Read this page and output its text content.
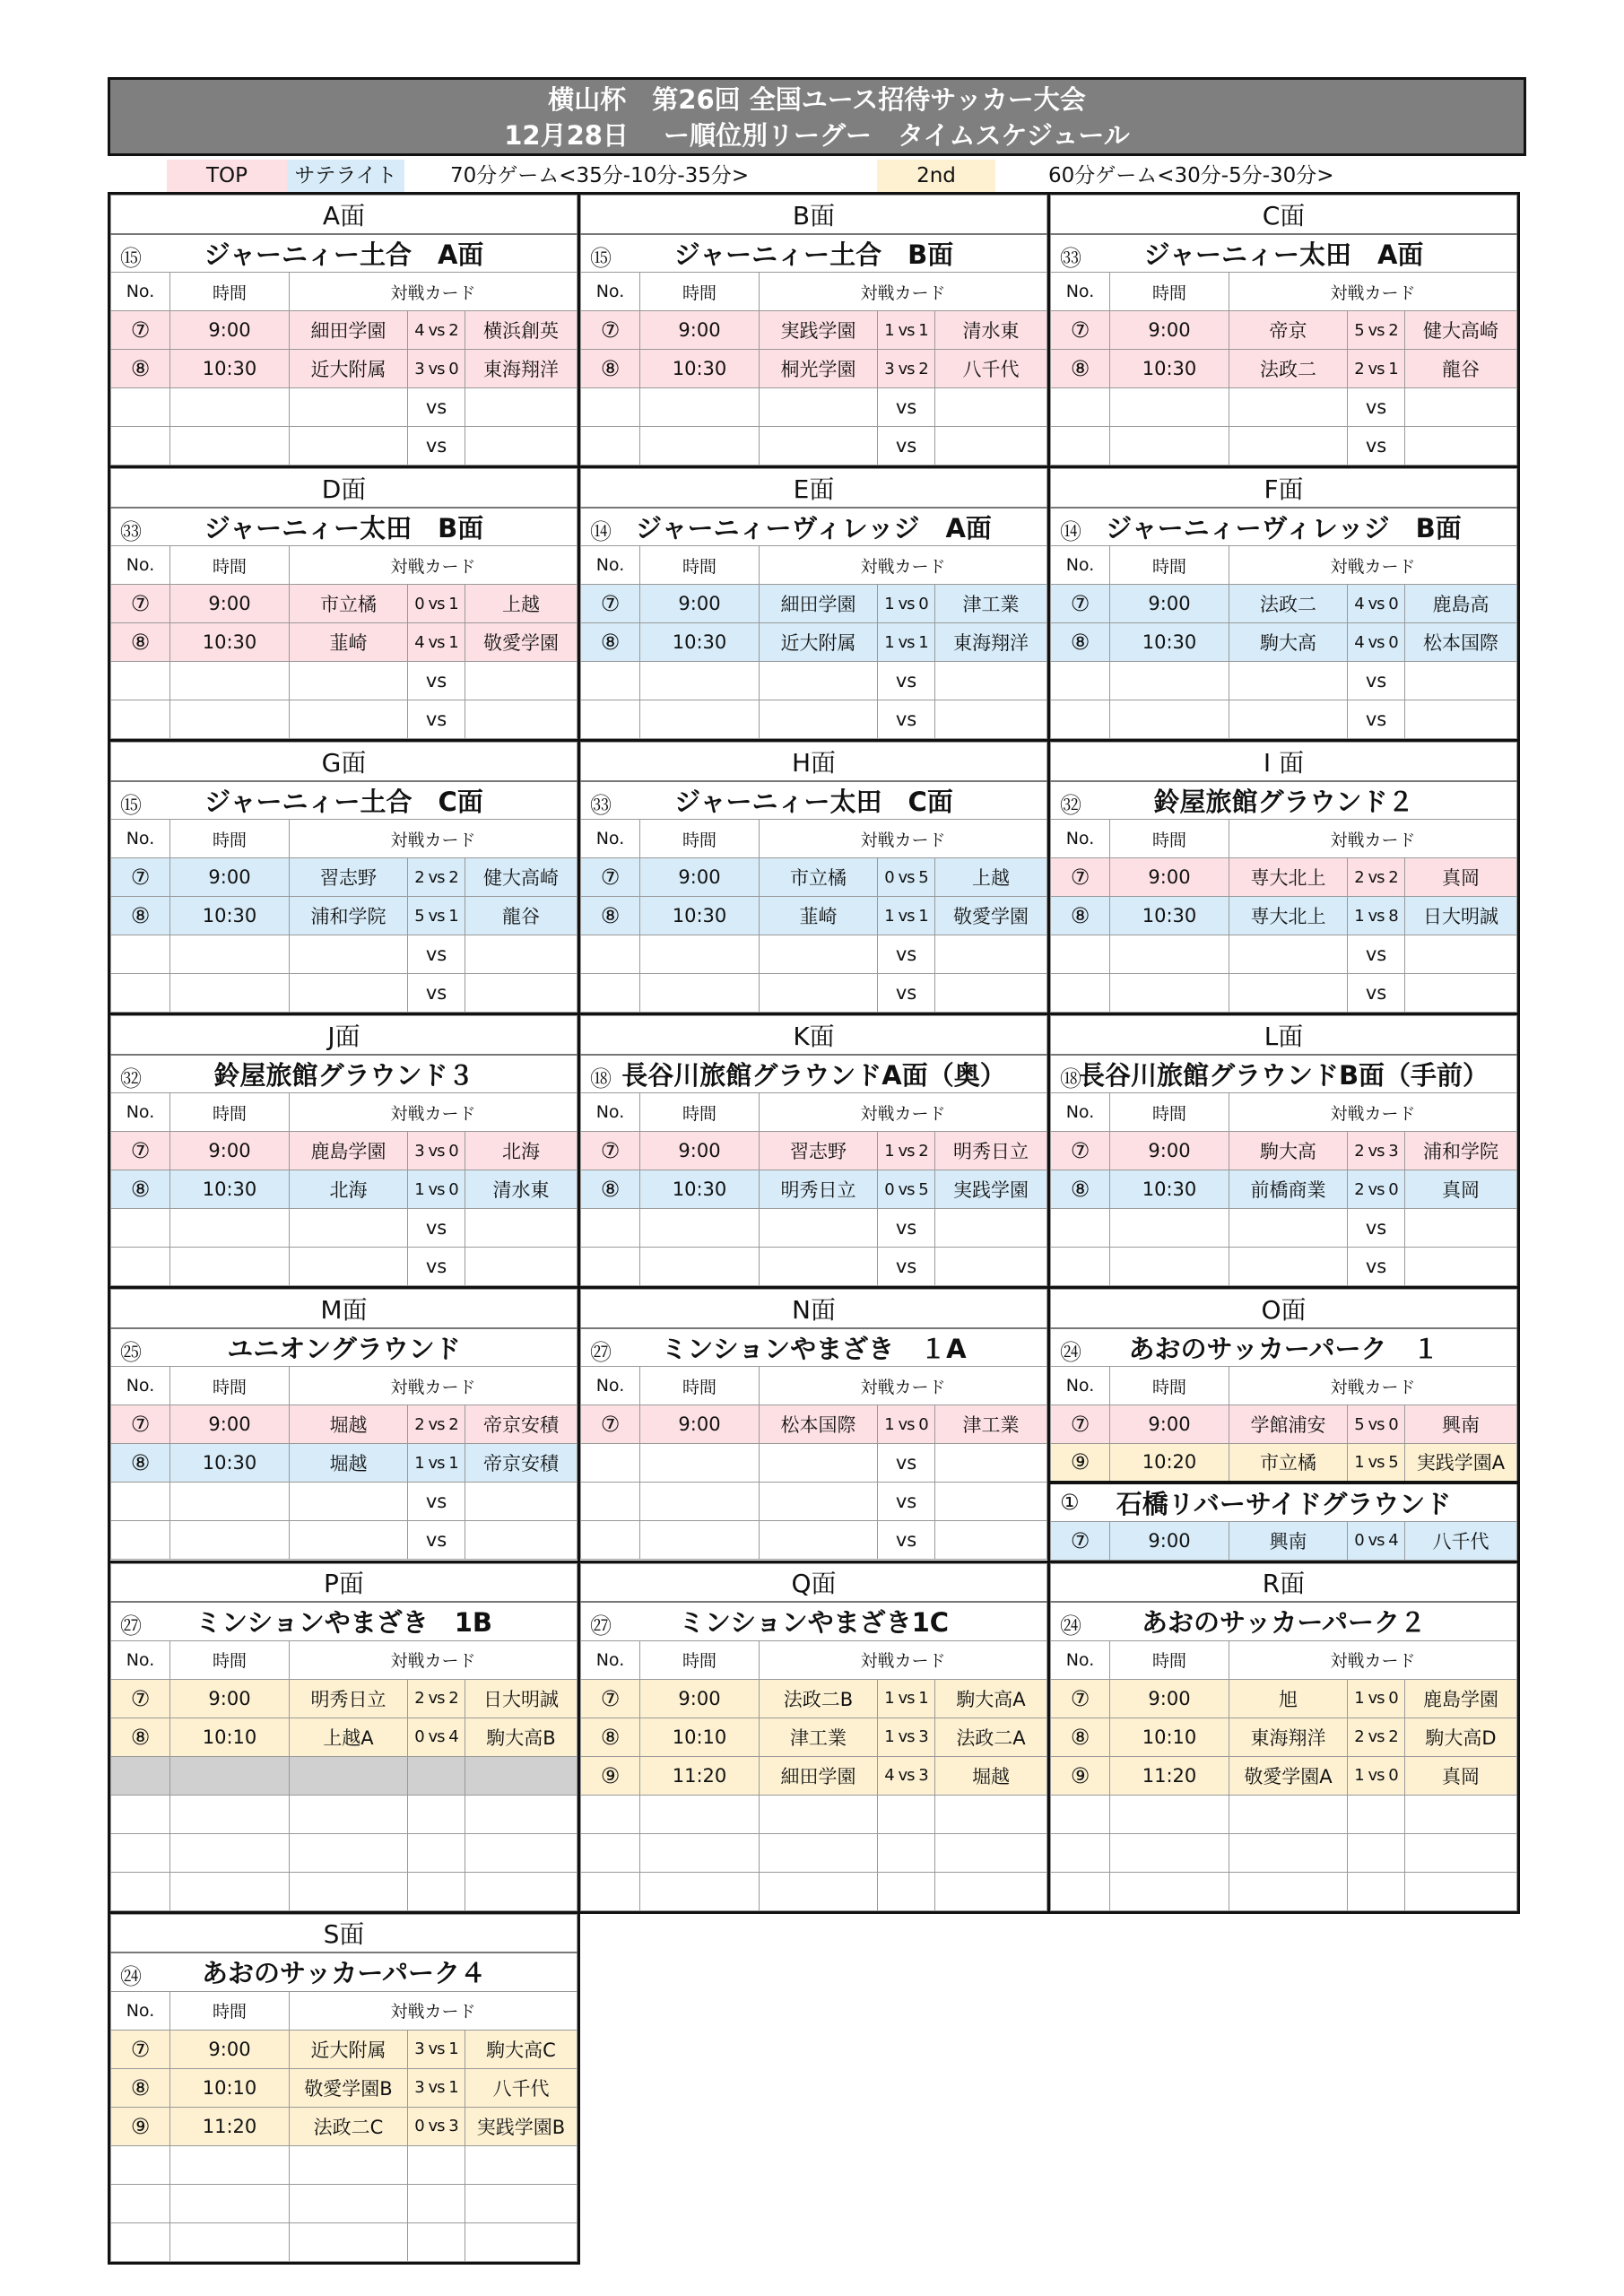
横山杯　第26回 全国ユース招待サッカー大会
12月28日　 ー順位別リーグー　タイムスケジュール
TOP	サテライト	70分ゲーム<35分-10分-35分>	2nd	60分ゲーム<30分-5分-30分>
A面				

⑮ ジャーニィー土合　A面				
No.	時間	対戦カード		
⑦	9:00	細田学園	4 vs 2	横浜創英
⑧	10:30	近大附属	3 vs 0	東海翔洋
			vs	
			vs	
B面				

⑮ ジャーニィー土合　B面				
No.	時間	対戦カード		
⑦	9:00	実践学園	1 vs 1	清水東
⑧	10:30	桐光学園	3 vs 2	八千代
			vs	
			vs	
C面				

㉝ ジャーニィー太田　A面				
No.	時間	対戦カード		
⑦	9:00	帝京	5 vs 2	健大高崎
⑧	10:30	法政二	2 vs 1	龍谷
			vs	
			vs	
D面				

㉝ ジャーニィー太田　B面				
No.	時間	対戦カード		
⑦	9:00	市立橘	0 vs 1	上越
⑧	10:30	韮崎	4 vs 1	敬愛学園
			vs	
			vs	
E面				

⑭ ジャーニィーヴィレッジ　A面				
No.	時間	対戦カード		
⑦	9:00	細田学園	1 vs 0	津工業
⑧	10:30	近大附属	1 vs 1	東海翔洋
			vs	
			vs	
F面				

⑭ ジャーニィーヴィレッジ　B面				
No.	時間	対戦カード		
⑦	9:00	法政二	4 vs 0	鹿島高
⑧	10:30	駒大高	4 vs 0	松本国際
			vs	
			vs	
G面				

⑮ ジャーニィー土合　C面				
No.	時間	対戦カード		
⑦	9:00	習志野	2 vs 2	健大高崎
⑧	10:30	浦和学院	5 vs 1	龍谷
			vs	
			vs	
H面				

㉝ ジャーニィー太田　C面				
No.	時間	対戦カード		
⑦	9:00	市立橘	0 vs 5	上越
⑧	10:30	韮崎	1 vs 1	敬愛学園
			vs	
			vs	
I 面				

㉜ 鈴屋旅館グラウンド２				
No.	時間	対戦カード		
⑦	9:00	専大北上	2 vs 2	真岡
⑧	10:30	専大北上	1 vs 8	日大明誠
			vs	
			vs	
J面				

㉜ 鈴屋旅館グラウンド３				
No.	時間	対戦カード		
⑦	9:00	鹿島学園	3 vs 0	北海
⑧	10:30	北海	1 vs 0	清水東
			vs	
			vs	
K面				

⑱ 長谷川旅館グラウンドA面（奥）				
No.	時間	対戦カード		
⑦	9:00	習志野	1 vs 2	明秀日立
⑧	10:30	明秀日立	0 vs 5	実践学園
			vs	
			vs	
L面				

⑱
長谷川旅館グラウンドB面（手前）				
No.	時間	対戦カード		
⑦	9:00	駒大高	2 vs 3	浦和学院
⑧	10:30	前橋商業	2 vs 0	真岡
			vs	
			vs	
M面				

㉕ ユニオングラウンド				
No.	時間	対戦カード		
⑦	9:00	堀越	2 vs 2	帝京安積
⑧	10:30	堀越	1 vs 1	帝京安積
			vs	
			vs	
N面				

㉗ ミンションやまざき　１A				
No.	時間	対戦カード		
⑦	9:00	松本国際	1 vs 0	津工業
			vs	
			vs	
			vs	
O面				

㉔ あおのサッカーパーク　１				
No.	時間	対戦カード		
⑦	9:00	学館浦安	5 vs 0	興南
⑨	10:20	市立橘	1 vs 5	実践学園A

① 石橋リバーサイドグラウンド				
⑦	9:00	興南	0 vs 4	八千代
P面				

㉗ ミンションやまざき　1B				
No.	時間	対戦カード		
⑦	9:00	明秀日立	2 vs 2	日大明誠
⑧	10:10	上越A	0 vs 4	駒大高B

Q面				

㉗ ミンションやまざき1C				
No.	時間	対戦カード		
⑦	9:00	法政二B	1 vs 1	駒大高A
⑧	10:10	津工業	1 vs 3	法政二A
⑨	11:20	細田学園	4 vs 3	堀越

R面				

㉔ あおのサッカーパーク２				
No.	時間	対戦カード		
⑦	9:00	旭	1 vs 0	鹿島学園
⑧	10:10	東海翔洋	2 vs 2	駒大高D
⑨	11:20	敬愛学園A	1 vs 0	真岡

S面				

㉔ あおのサッカーパーク４				
No.	時間	対戦カード		
⑦	9:00	近大附属	3 vs 1	駒大高C
⑧	10:10	敬愛学園B	3 vs 1	八千代
⑨	11:20	法政二C	0 vs 3	実践学園B
